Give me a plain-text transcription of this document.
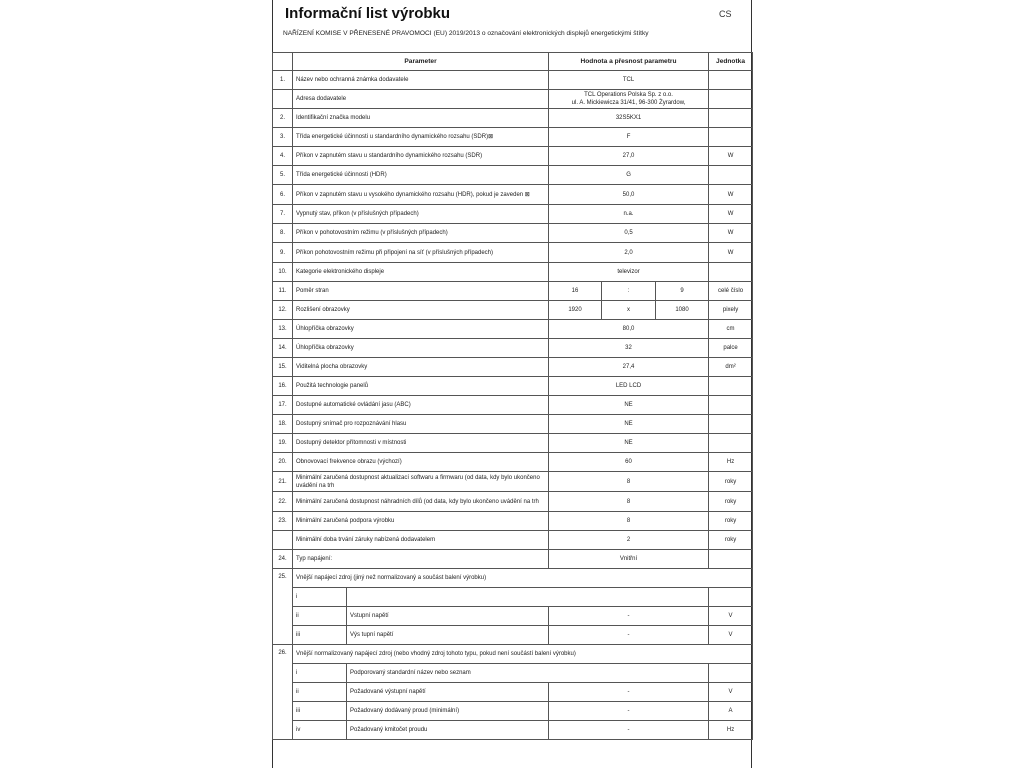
Informační list výrobku	CS
NAŘÍZENÍ KOMISE V PŘENESENÉ PRAVOMOCI (EU) 2019/2013 o označování elektronických displejů energetickými štítky
	Parameter		Hodnota a přesnost parametru			Jednotka
1.	Název nebo ochranná známka dodavatele		TCL			
	Adresa dodavatele		TCL Operations Polska Sp. z o.o.
ul. A. Mickiewicza 31/41, 96-300 Żyrardow,			

2.	Identifikační značka modelu		32S5KX1			
3.	Třída energetické účinnosti u standardního dynamického rozsahu (SDR)⊠		F			
4.	Příkon v zapnutém stavu u standardního dynamického rozsahu (SDR)		27,0			W
5.	Třída energetické účinnosti (HDR)		G			
6.	Příkon v zapnutém stavu u vysokého dynamického rozsahu (HDR), pokud je zaveden ⊠		50,0			W
7.	Vypnutý stav, příkon (v příslušných případech)		n.a.			W
8.	Příkon v pohotovostním režimu (v příslušných případech)		0,5			W
9.	Příkon pohotovostním režimu při připojení na síť (v příslušných případech)		2,0			W
10.	Kategorie elektronického displeje		televizor			
11.	Poměr stran		16	:	9	celé číslo
12.	Rozlišení obrazovky		1920	x	1080	pixely
13.	Úhlopříčka obrazovky		80,0			cm
14.	Úhlopříčka obrazovky		32			palce
15.	Viditelná plocha obrazovky		27,4			dm²
16.	Použitá technologie panelů		LED LCD			
17.	Dostupné automatické ovládání jasu (ABC)		NE			
18.	Dostupný snímač pro rozpoznávání hlasu		NE			
19.	Dostupný detektor přítomnosti v místnosti		NE			
20.	Obnovovací frekvence obrazu (výchozí)		60			Hz
21.	Minimální zaručená dostupnost aktualizací softwaru a firmwaru (od data, kdy bylo ukončeno uvádění na trh		8			roky
22.	Minimální zaručená dostupnost náhradních dílů (od data, kdy bylo ukončeno uvádění na trh		8			roky
23.	Minimální zaručená podpora výrobku		8			roky
	Minimální doba trvání záruky nabízená dodavatelem		2			roky
24.	Typ napájení:		Vnitřní			
25.	Vnější napájecí zdroj (jiný než normalizovaný a součást balení výrobku)					
	i					
	ii	Vstupní napětí	-			V
	iii	Výs tupní napětí	-			V
26.	Vnější normalizovaný napájecí zdroj (nebo vhodný zdroj tohoto typu, pokud není součástí balení výrobku)					
	i	Podporovaný standardní název nebo seznam				
	ii	Požadované výstupní napětí	-			V
	iii	Požadovaný dodávaný proud (minimální)	-			A
	iv	Požadovaný kmitočet proudu	-			Hz
